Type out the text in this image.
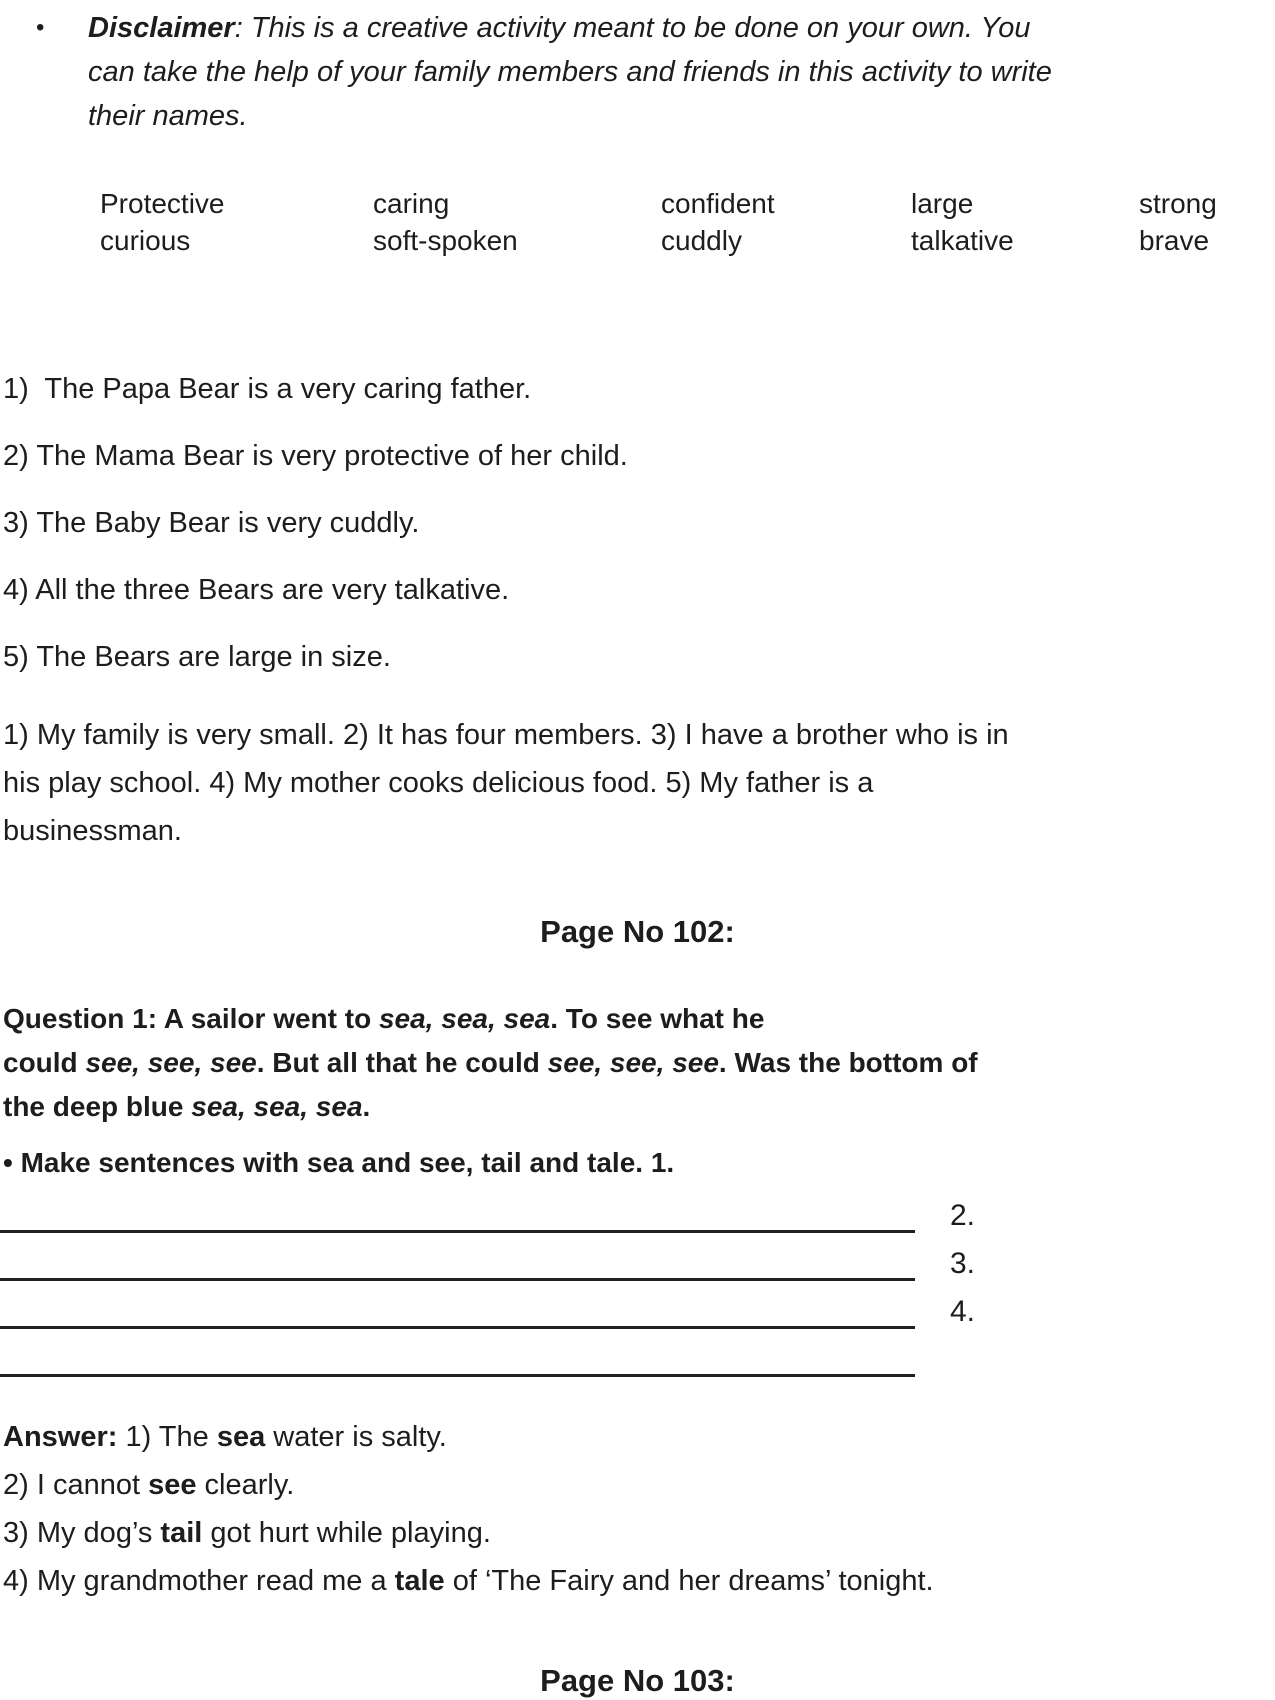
•	Disclaimer: This is a creative activity meant to be done on your own. You
can take the help of your family members and friends in this activity to write
their names.
Protective	caring	confident	large	strong
curious	soft-spoken	cuddly	talkative	brave
1)  The Papa Bear is a very caring father.
2) The Mama Bear is very protective of her child.
3) The Baby Bear is very cuddly.
4) All the three Bears are very talkative.
5) The Bears are large in size.
1) My family is very small. 2) It has four members. 3) I have a brother who is in
his play school. 4) My mother cooks delicious food. 5) My father is a
businessman.
Page No 102:
Question 1: A sailor went to sea, sea, sea. To see what he
could see, see, see. But all that he could see, see, see. Was the bottom of
the deep blue sea, sea, sea.
• Make sentences with sea and see, tail and tale. 1.
2.
3.
4.
Answer: 1) The sea water is salty.
2) I cannot see clearly.
3) My dog’s tail got hurt while playing.
4) My grandmother read me a tale of ‘The Fairy and her dreams’ tonight.
Page No 103:
